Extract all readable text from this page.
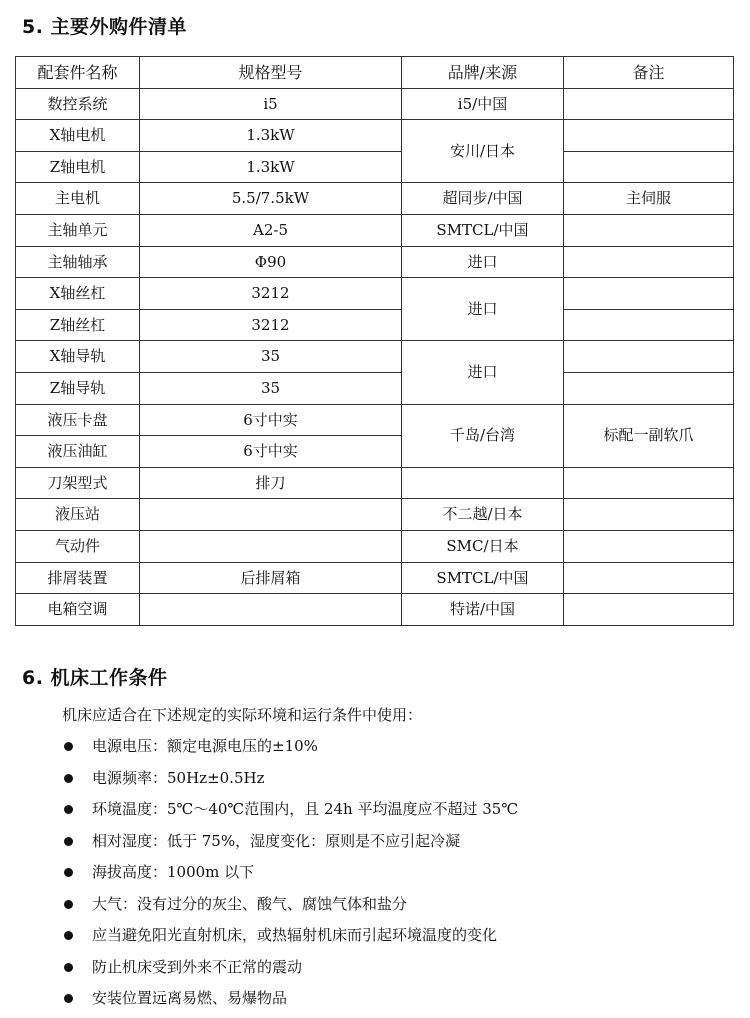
5. 主要外购件清单
配套件名称	规格型号	品牌/来源	备注
数控系统	i5	i5/中国	
X轴电机	1.3kW	安川/日本	
Z轴电机	1.3kW		
主电机	5.5/7.5kW	超同步/中国	主伺服
主轴单元	A2-5	SMTCL/中国	
主轴轴承	Φ90	进口	
X轴丝杠	3212	进口	
Z轴丝杠	3212		
X轴导轨	35	进口	
Z轴导轨	35		
液压卡盘	6寸中实	千岛/台湾	标配一副软爪
液压油缸	6寸中实		
刀架型式	排刀		
液压站		不二越/日本	
气动件		SMC/日本	
排屑装置	后排屑箱	SMTCL/中国	
电箱空调		特诺/中国	
6. 机床工作条件
机床应适合在下述规定的实际环境和运行条件中使用：
电源电压：额定电源电压的±10%
电源频率：50Hz±0.5Hz
环境温度：5℃～40℃范围内，且 24h 平均温度应不超过 35℃
相对湿度：低于 75%，湿度变化：原则是不应引起冷凝
海拔高度：1000m 以下
大气：没有过分的灰尘、酸气、腐蚀气体和盐分
应当避免阳光直射机床，或热辐射机床而引起环境温度的变化
防止机床受到外来不正常的震动
安装位置远离易燃、易爆物品
